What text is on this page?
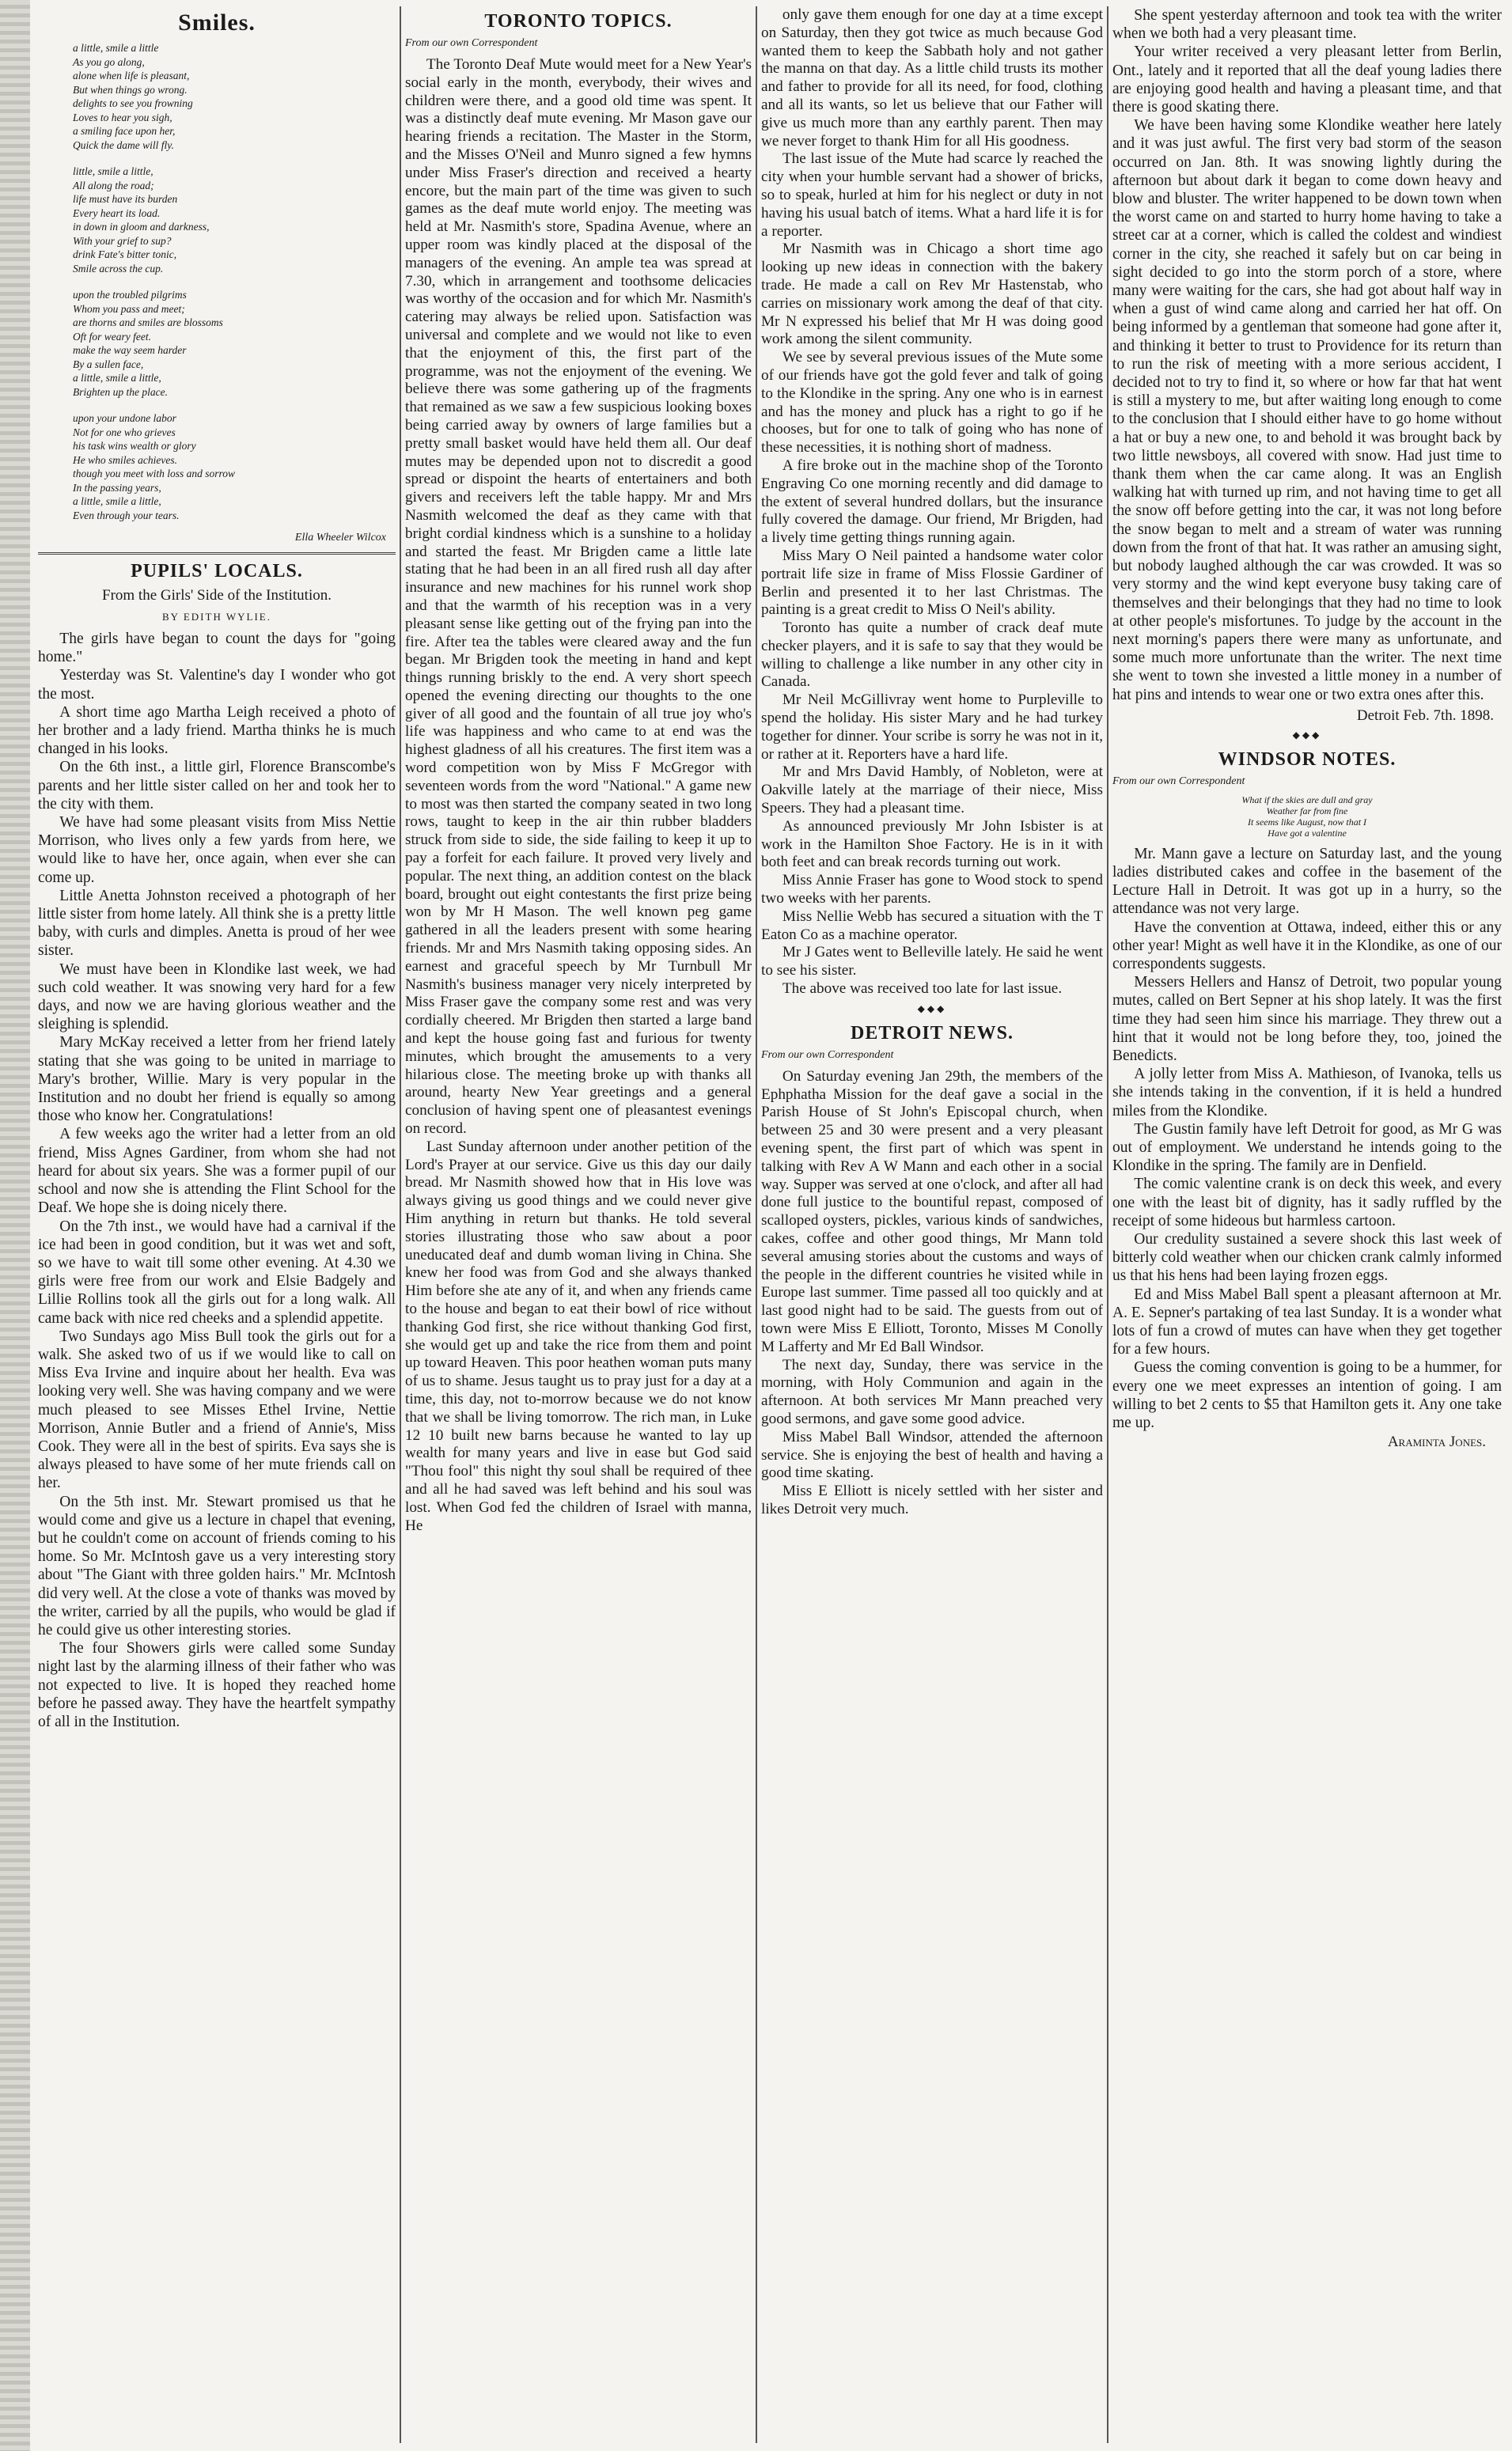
Smiles.
a little, smile a little
As you go along,
alone when life is pleasant,
But when things go wrong.
delights to see you frowning
Loves to hear you sigh,
a smiling face upon her,
Quick the dame will fly.
little, smile a little,
All along the road;
life must have its burden
Every heart its load.
in down in gloom and darkness,
With your grief to sup?
drink Fate's bitter tonic,
Smile across the cup.
upon the troubled pilgrims
Whom you pass and meet;
are thorns and smiles are blossoms
Oft for weary feet.
make the way seem harder
By a sullen face,
a little, smile a little,
Brighten up the place.
upon your undone labor
Not for one who grieves
his task wins wealth or glory
He who smiles achieves.
though you meet with loss and sorrow
In the passing years,
a little, smile a little,
Even through your tears.
Ella Wheeler Wilcox
PUPILS' LOCALS.
From the Girls' Side of the Institution.
BY EDITH WYLIE.

The girls have began to count the days for "going home."

Yesterday was St. Valentine's day I wonder who got the most.

A short time ago Martha Leigh received a photo of her brother and a lady friend. Martha thinks he is much changed in his looks.

On the 6th inst., a little girl, Florence Branscombe's parents and her little sister called on her and took her to the city with them.

We have had some pleasant visits from Miss Nettie Morrison, who lives only a few yards from here, we would like to have her, once again, when ever she can come up.

Little Anetta Johnston received a photograph of her little sister from home lately. All think she is a pretty little baby, with curls and dimples. Anetta is proud of her wee sister.

We must have been in Klondike last week, we had such cold weather. It was snowing very hard for a few days, and now we are having glorious weather and the sleighing is splendid.

Mary McKay received a letter from her friend lately stating that she was going to be united in marriage to Mary's brother, Willie. Mary is very popular in the Institution and no doubt her friend is equally so among those who know her. Congratulations!

A few weeks ago the writer had a letter from an old friend, Miss Agnes Gardiner, from whom she had not heard for about six years. She was a former pupil of our school and now she is attending the Flint School for the Deaf. We hope she is doing nicely there.

On the 7th inst., we would have had a carnival if the ice had been in good condition, but it was wet and soft, so we have to wait till some other evening. At 4.30 we girls were free from our work and Elsie Badgely and Lillie Rollins took all the girls out for a long walk. All came back with nice red cheeks and a splendid appetite.

Two Sundays ago Miss Bull took the girls out for a walk. She asked two of us if we would like to call on Miss Eva Irvine and inquire about her health. Eva was looking very well. She was having company and we were much pleased to see Misses Ethel Irvine, Nettie Morrison, Annie Butler and a friend of Annie's, Miss Cook. They were all in the best of spirits. Eva says she is always pleased to have some of her mute friends call on her.

On the 5th inst. Mr. Stewart promised us that he would come and give us a lecture in chapel that evening, but he couldn't come on account of friends coming to his home. So Mr. McIntosh gave us a very interesting story about "The Giant with three golden hairs." Mr. McIntosh did very well. At the close a vote of thanks was moved by the writer, carried by all the pupils, who would be glad if he could give us other interesting stories.

The four Showers girls were called some Sunday night last by the alarming illness of their father who was not expected to live. It is hoped they reached home before he passed away. They have the heartfelt sympathy of all in the Institution.

TORONTO TOPICS.
From our own Correspondent

The Toronto Deaf Mute would meet for a New Year's social early in the month, everybody, their wives and children were there, and a good old time was spent. It was a distinctly deaf mute evening. Mr Mason gave our hearing friends a recitation. The Master in the Storm, and the Misses O'Neil and Munro signed a few hymns under Miss Fraser's direction and received a hearty encore, but the main part of the time was given to such games as the deaf mute world enjoy. The meeting was held at Mr. Nasmith's store, Spadina Avenue, where an upper room was kindly placed at the disposal of the managers of the evening. An ample tea was spread at 7.30, which in arrangement and toothsome delicacies was worthy of the occasion and for which Mr. Nasmith's catering may always be relied upon. Satisfaction was universal and complete and we would not like to even that the enjoyment of this, the first part of the programme, was not the enjoyment of the evening. We believe there was some gathering up of the fragments that remained as we saw a few suspicious looking boxes being carried away by owners of large families but a pretty small basket would have held them all. Our deaf mutes may be depended upon not to discredit a good spread or dispoint the hearts of entertainers and both givers and receivers left the table happy. Mr and Mrs Nasmith welcomed the deaf as they came with that bright cordial kindness which is a sunshine to a holiday and started the feast. Mr Brigden came a little late stating that he had been in an all fired rush all day after insurance and new machines for his runnel work shop and that the warmth of his reception was in a very pleasant sense like getting out of the frying pan into the fire. After tea the tables were cleared away and the fun began. Mr Brigden took the meeting in hand and kept things running briskly to the end. A very short speech opened the evening directing our thoughts to the one giver of all good and the fountain of all true joy who's life was happiness and who came to at end was the highest gladness of all his creatures. The first item was a word competition won by Miss F McGregor with seventeen words from the word "National." A game new to most was then started the company seated in two long rows, taught to keep in the air thin rubber bladders struck from side to side, the side failing to keep it up to pay a forfeit for each failure. It proved very lively and popular. The next thing, an addition contest on the black board, brought out eight contestants the first prize being won by Mr H Mason. The well known peg game gathered in all the leaders present with some hearing friends. Mr and Mrs Nasmith taking opposing sides. An earnest and graceful speech by Mr Turnbull Mr Nasmith's business manager very nicely interpreted by Miss Fraser gave the company some rest and was very cordially cheered. Mr Brigden then started a large band and kept the house going fast and furious for twenty minutes, which brought the amusements to a very hilarious close. The meeting broke up with thanks all around, hearty New Year greetings and a general conclusion of having spent one of pleasantest evenings on record.

Last Sunday afternoon under another petition of the Lord's Prayer at our service. Give us this day our daily bread. Mr Nasmith showed how that in His love was always giving us good things and we could never give Him anything in return but thanks. He told several stories illustrating those who saw about a poor uneducated deaf and dumb woman living in China. She knew her food was from God and she always thanked Him before she ate any of it, and when any friends came to the house and began to eat their bowl of rice without thanking God first, she rice without thanking God first, she would get up and take the rice from them and point up toward Heaven. This poor heathen woman puts many of us to shame. Jesus taught us to pray just for a day at a time, this day, not to-morrow because we do not know that we shall be living tomorrow. The rich man, in Luke 12 10 built new barns because he wanted to lay up wealth for many years and live in ease but God said "Thou fool" this night thy soul shall be required of thee and all he had saved was left behind and his soul was lost. When God fed the children of Israel with manna, He

only gave them enough for one day at a time except on Saturday, then they got twice as much because God wanted them to keep the Sabbath holy and not gather the manna on that day. As a little child trusts its mother and father to provide for all its need, for food, clothing and all its wants, so let us believe that our Father will give us much more than any earthly parent. Then may we never forget to thank Him for all His goodness.

The last issue of the Mute had scarce ly reached the city when your humble servant had a shower of bricks, so to speak, hurled at him for his neglect or duty in not having his usual batch of items. What a hard life it is for a reporter.

Mr Nasmith was in Chicago a short time ago looking up new ideas in connection with the bakery trade. He made a call on Rev Mr Hastenstab, who carries on missionary work among the deaf of that city. Mr N expressed his belief that Mr H was doing good work among the silent community.

We see by several previous issues of the Mute some of our friends have got the gold fever and talk of going to the Klondike in the spring. Any one who is in earnest and has the money and pluck has a right to go if he chooses, but for one to talk of going who has none of these necessities, it is nothing short of madness.

A fire broke out in the machine shop of the Toronto Engraving Co one morning recently and did damage to the extent of several hundred dollars, but the insurance fully covered the damage. Our friend, Mr Brigden, had a lively time getting things running again.

Miss Mary O Neil painted a handsome water color portrait life size in frame of Miss Flossie Gardiner of Berlin and presented it to her last Christmas. The painting is a great credit to Miss O Neil's ability.

Toronto has quite a number of crack deaf mute checker players, and it is safe to say that they would be willing to challenge a like number in any other city in Canada.

Mr Neil McGillivray went home to Purpleville to spend the holiday. His sister Mary and he had turkey together for dinner. Your scribe is sorry he was not in it, or rather at it. Reporters have a hard life.

Mr and Mrs David Hambly, of Nobleton, were at Oakville lately at the marriage of their niece, Miss Speers. They had a pleasant time.

As announced previously Mr John Isbister is at work in the Hamilton Shoe Factory. He is in it with both feet and can break records turning out work.

Miss Annie Fraser has gone to Wood stock to spend two weeks with her parents.

Miss Nellie Webb has secured a situation with the T Eaton Co as a machine operator.

Mr J Gates went to Belleville lately. He said he went to see his sister.

The above was received too late for last issue.

◆◆◆
DETROIT NEWS.
From our own Correspondent

On Saturday evening Jan 29th, the members of the Ephphatha Mission for the deaf gave a social in the Parish House of St John's Episcopal church, when between 25 and 30 were present and a very pleasant evening spent, the first part of which was spent in talking with Rev A W Mann and each other in a social way. Supper was served at one o'clock, and after all had done full justice to the bountiful repast, composed of scalloped oysters, pickles, various kinds of sandwiches, cakes, coffee and other good things, Mr Mann told several amusing stories about the customs and ways of the people in the different countries he visited while in Europe last summer. Time passed all too quickly and at last good night had to be said. The guests from out of town were Miss E Elliott, Toronto, Misses M Conolly M Lafferty and Mr Ed Ball Windsor.

The next day, Sunday, there was service in the morning, with Holy Communion and again in the afternoon. At both services Mr Mann preached very good sermons, and gave some good advice.

Miss Mabel Ball Windsor, attended the afternoon service. She is enjoying the best of health and having a good time skating.

Miss E Elliott is nicely settled with her sister and likes Detroit very much.

She spent yesterday afternoon and took tea with the writer when we both had a very pleasant time.

Your writer received a very pleasant letter from Berlin, Ont., lately and it reported that all the deaf young ladies there are enjoying good health and having a pleasant time, and that there is good skating there.

We have been having some Klondike weather here lately and it was just awful. The first very bad storm of the season occurred on Jan. 8th. It was snowing lightly during the afternoon but about dark it began to come down heavy and blow and bluster. The writer happened to be down town when the worst came on and started to hurry home having to take a street car at a corner, which is called the coldest and windiest corner in the city, she reached it safely but on car being in sight decided to go into the storm porch of a store, where many were waiting for the cars, she had got about half way in when a gust of wind came along and carried her hat off. On being informed by a gentleman that someone had gone after it, and thinking it better to trust to Providence for its return than to run the risk of meeting with a more serious accident, I decided not to try to find it, so where or how far that hat went is still a mystery to me, but after waiting long enough to come to the conclusion that I should either have to go home without a hat or buy a new one, to and behold it was brought back by two little newsboys, all covered with snow. Had just time to thank them when the car came along. It was an English walking hat with turned up rim, and not having time to get all the snow off before getting into the car, it was not long before the snow began to melt and a stream of water was running down from the front of that hat. It was rather an amusing sight, but nobody laughed although the car was crowded. It was so very stormy and the wind kept everyone busy taking care of themselves and their belongings that they had no time to look at other people's misfortunes. To judge by the account in the next morning's papers there were many as unfortunate, and some much more unfortunate than the writer. The next time she went to town she invested a little money in a number of hat pins and intends to wear one or two extra ones after this.

Detroit Feb. 7th. 1898.
◆◆◆
WINDSOR NOTES.
From our own Correspondent
What if the skies are dull and gray
Weather far from fine
It seems like August, now that I
Have got a valentine

Mr. Mann gave a lecture on Saturday last, and the young ladies distributed cakes and coffee in the basement of the Lecture Hall in Detroit. It was got up in a hurry, so the attendance was not very large.

Have the convention at Ottawa, indeed, either this or any other year! Might as well have it in the Klondike, as one of our correspondents suggests.

Messers Hellers and Hansz of Detroit, two popular young mutes, called on Bert Sepner at his shop lately. It was the first time they had seen him since his marriage. They threw out a hint that it would not be long before they, too, joined the Benedicts.

A jolly letter from Miss A. Mathieson, of Ivanoka, tells us she intends taking in the convention, if it is held a hundred miles from the Klondike.

The Gustin family have left Detroit for good, as Mr G was out of employment. We understand he intends going to the Klondike in the spring. The family are in Denfield.

The comic valentine crank is on deck this week, and every one with the least bit of dignity, has it sadly ruffled by the receipt of some hideous but harmless cartoon.

Our credulity sustained a severe shock this last week of bitterly cold weather when our chicken crank calmly informed us that his hens had been laying frozen eggs.

Ed and Miss Mabel Ball spent a pleasant afternoon at Mr. A. E. Sepner's partaking of tea last Sunday. It is a wonder what lots of fun a crowd of mutes can have when they get together for a few hours.

Guess the coming convention is going to be a hummer, for every one we meet expresses an intention of going. I am willing to bet 2 cents to $5 that Hamilton gets it. Any one take me up.

Araminta Jones.
